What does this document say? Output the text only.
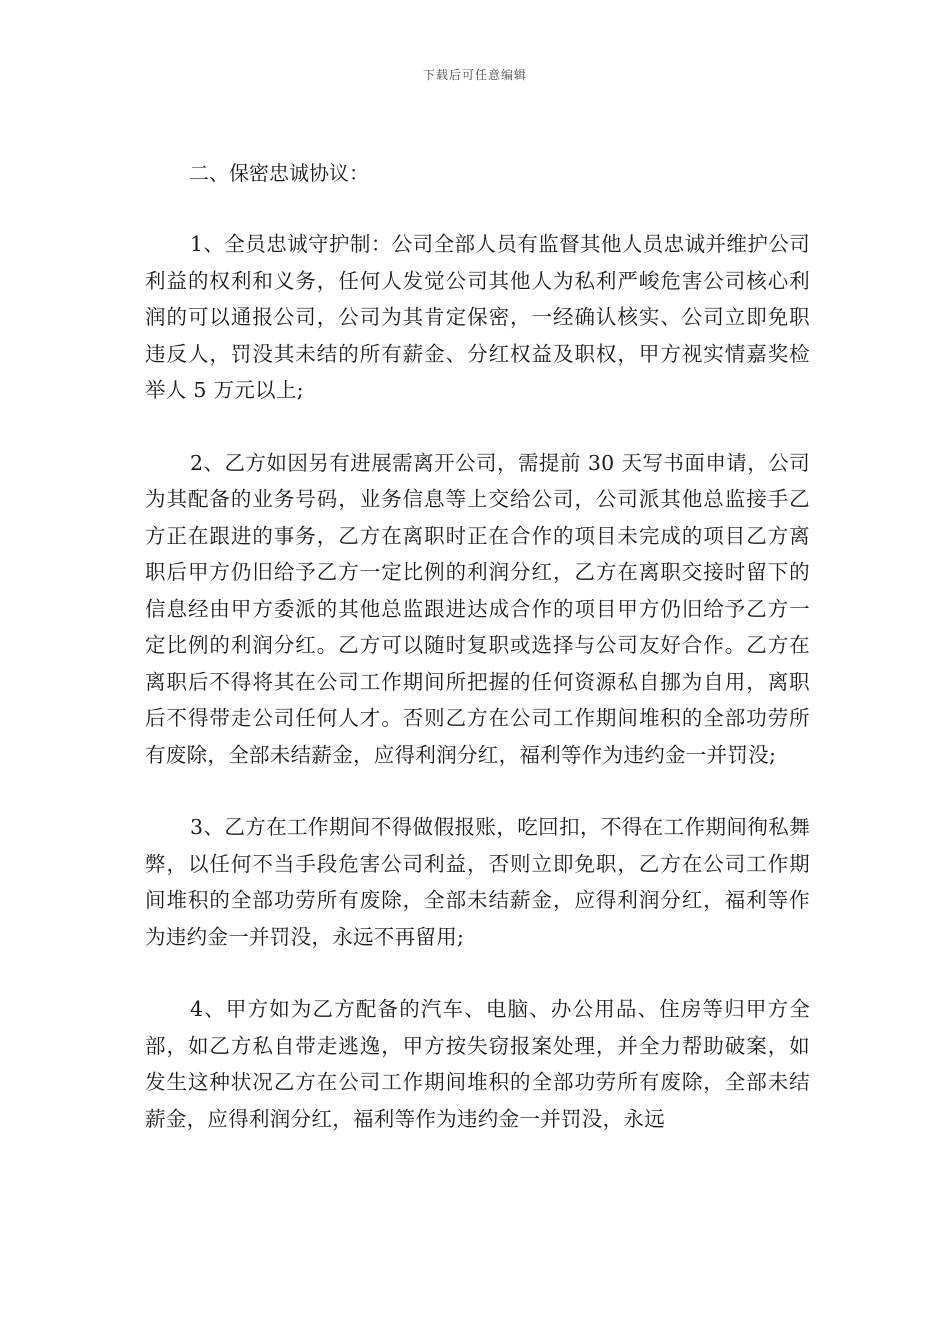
下载后可任意编辑

二、保密忠诚协议：

1、全员忠诚守护制：公司全部人员有监督其他人员忠诚并维护公司利益的权利和义务，任何人发觉公司其他人为私利严峻危害公司核心利润的可以通报公司，公司为其肯定保密，一经确认核实、公司立即免职违反人，罚没其未结的所有薪金、分红权益及职权，甲方视实情嘉奖检举人 5 万元以上;

2、乙方如因另有进展需离开公司，需提前 30 天写书面申请，公司为其配备的业务号码，业务信息等上交给公司，公司派其他总监接手乙方正在跟进的事务，乙方在离职时正在合作的项目未完成的项目乙方离职后甲方仍旧给予乙方一定比例的利润分红，乙方在离职交接时留下的信息经由甲方委派的其他总监跟进达成合作的项目甲方仍旧给予乙方一定比例的利润分红。乙方可以随时复职或选择与公司友好合作。乙方在离职后不得将其在公司工作期间所把握的任何资源私自挪为自用，离职后不得带走公司任何人才。否则乙方在公司工作期间堆积的全部功劳所有废除，全部未结薪金，应得利润分红，福利等作为违约金一并罚没;

3、乙方在工作期间不得做假报账，吃回扣，不得在工作期间徇私舞弊，以任何不当手段危害公司利益，否则立即免职，乙方在公司工作期间堆积的全部功劳所有废除，全部未结薪金，应得利润分红，福利等作为违约金一并罚没，永远不再留用;

4、甲方如为乙方配备的汽车、电脑、办公用品、住房等归甲方全部，如乙方私自带走逃逸，甲方按失窃报案处理，并全力帮助破案，如发生这种状况乙方在公司工作期间堆积的全部功劳所有废除，全部未结薪金，应得利润分红，福利等作为违约金一并罚没，永远
